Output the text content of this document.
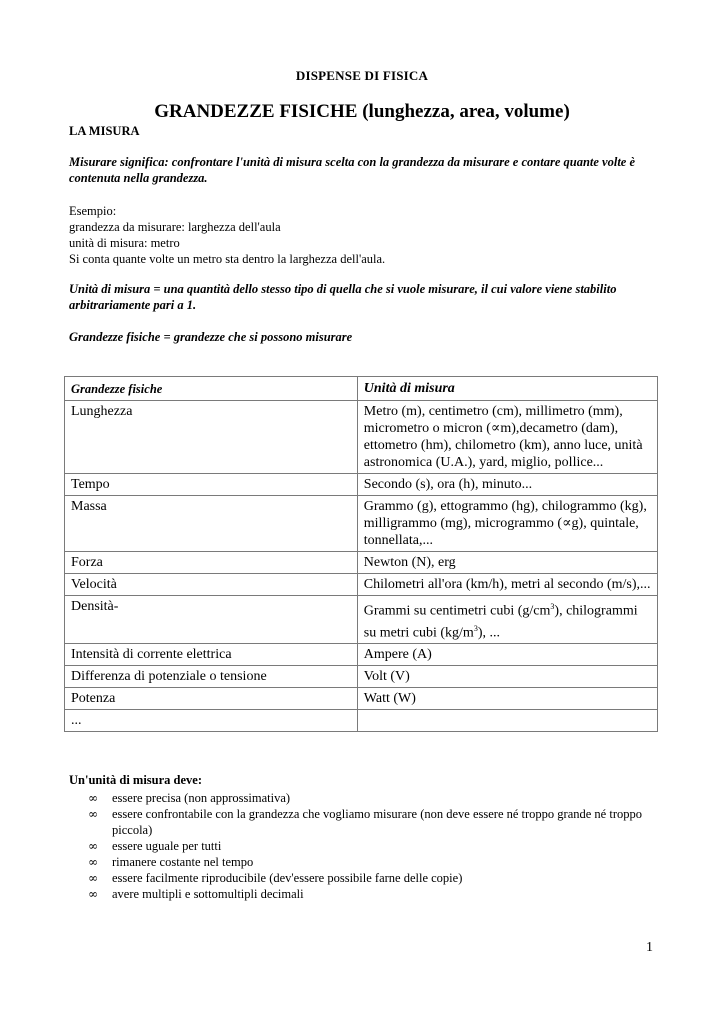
DISPENSE DI FISICA
GRANDEZZE FISICHE (lunghezza, area, volume)
LA MISURA
Misurare significa: confrontare l'unità di misura scelta con la grandezza da misurare e contare quante volte è contenuta nella grandezza.
Esempio:
grandezza da misurare: larghezza dell'aula
unità di misura: metro
Si conta quante volte un metro sta dentro la larghezza dell'aula.
Unità di misura = una quantità dello stesso tipo di quella che si vuole misurare, il cui valore viene stabilito arbitrariamente pari a 1.
Grandezze fisiche = grandezze che si possono misurare
Grandezze fisiche	Unità di misura
Lunghezza	Metro (m), centimetro (cm), millimetro (mm), micrometro o micron (∝m),decametro (dam), ettometro (hm), chilometro (km), anno luce, unità astronomica (U.A.), yard, miglio, pollice...
Tempo	Secondo (s), ora (h), minuto...
Massa	Grammo (g), ettogrammo (hg), chilogrammo (kg), milligrammo (mg), microgrammo (∝g), quintale, tonnellata,...
Forza	Newton (N), erg
Velocità	Chilometri all'ora (km/h), metri al secondo (m/s),...
Densità-	Grammi su centimetri cubi $(g/cm^3)$, chilogrammi su metri cubi $(kg/m^3)$, ...
Intensità di corrente elettrica	Ampere (A)
Differenza di potenziale o tensione	Volt (V)
Potenza	Watt (W)
...	
Un'unità di misura deve:
∞ essere precisa (non approssimativa)
∞ essere confrontabile con la grandezza che vogliamo misurare (non deve essere né troppo grande né troppo piccola)
∞ essere uguale per tutti
∞ rimanere costante nel tempo
∞ essere facilmente riproducibile (dev'essere possibile farne delle copie)
∞ avere multipli e sottomultipli decimali
1
